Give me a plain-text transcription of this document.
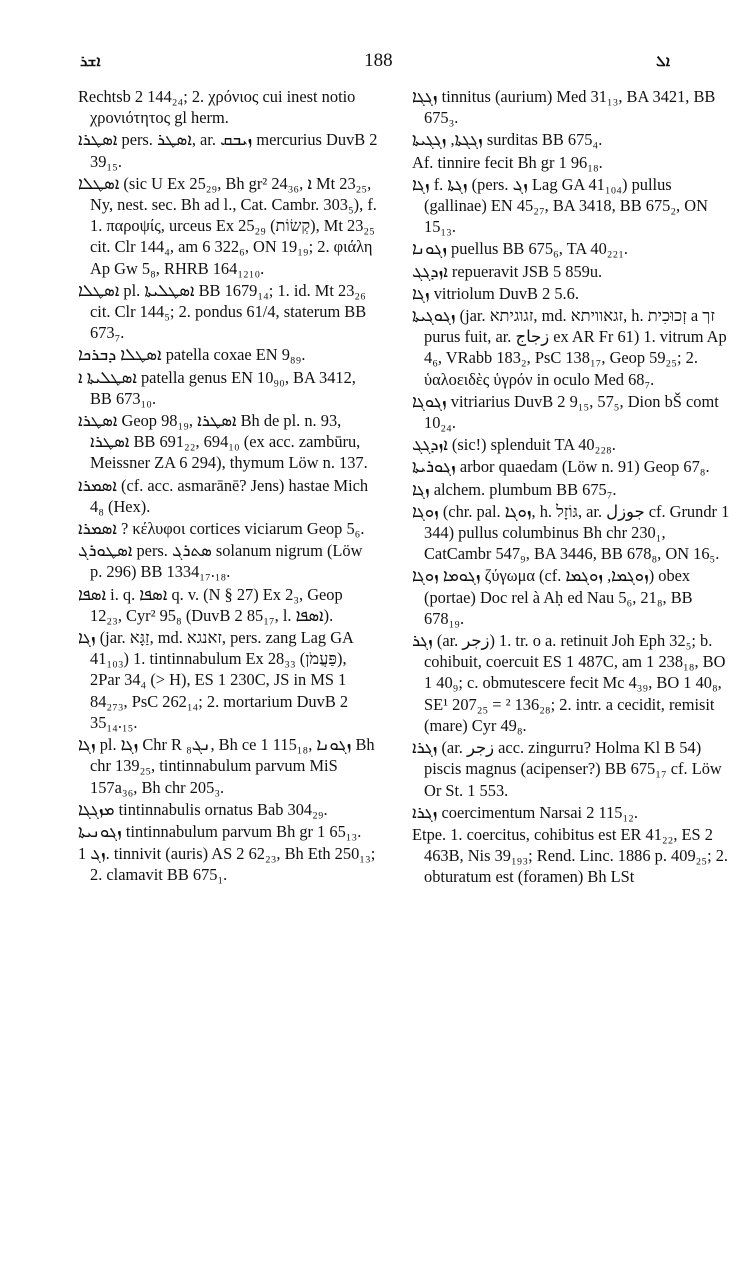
ܐܫܪ	188	ܐܠ

Rechtsb 2 144₂₄; 2. χρόνιος cui inest notio χρονιότητος gl herm.

ܐܣܛܪܐ pers. ܐܣܛܪ, ar. ܙܝܒܩ mercurius DuvB 2 39₁₅.

ܐܣܛܠܐ (sic U Ex 25₂₉, Bh gr² 24₃₆, ܐ Mt 23₂₅, Ny, nest. sec. Bh ad l., Cat. Cambr. 303₅), f. 1. παροψίς, urceus Ex 25₂₉ (קְשׂוֹת), Mt 23₂₅ cit. Clr 144₄, am 6 322₆, ON 19₁₉; 2. φιάλη Ap Gw 5₈, RHRB 164₁₂₁₀.

ܐܣܛܠܐ pl. ܐܣܛܠܝܬܐ BB 1679₁₄; 1. id. Mt 23₂₆ cit. Clr 144₅; 2. pondus 61/4, staterum BB 673₇.

ܐܣܛܠܐ ܕܒܪܟܐ patella coxae EN 9₈₉.

ܐܣܛܠܝܬܐ ܐ patella genus EN 10₉₀, BA 3412, BB 673₁₀.

ܐܣܛܪܐ Geop 98₁₉, ܐܣܛܪܐ Bh de pl. n. 93, ܐܣܛܪܐ BB 691₂₂, 694₁₀ (ex acc. zambūru, Meissner ZA 6 294), thymum Löw n. 137.

ܐܣܡܪܐ (cf. acc. asmarānē? Jens) hastae Mich 4₈ (Hex).

ܐܣܡܪܐ ? κέλυφοι cortices viciarum Geop 5₆.

ܐܣܛܘܪܓ pers. ܣܬܪܓ solanum nigrum (Löw p. 296) BB 1334₁₇.₁₈.

ܐܣܦܐ i. q. ܐܣܦܐ q. v. (N § 27) Ex 2₃, Geop 12₂₃, Cyr² 95₈ (DuvB 2 85₁₇, l. ܐܣܦܐ).

ܙܓܐ (jar. זַגָּא, md. זאנגא, pers. zang Lag GA 41₁₀₃) 1. tintinnabulum Ex 28₃₃ (פַּעֲמֹן), 2Par 34₄ (> H), ES 1 230C, JS in MS 1 84₂₇₃, PsC 262₁₄; 2. mortarium DuvB 2 35₁₄.₁₅.

ܙܓܐ pl. ܙܓܐ Chr R ܢܓ₈, Bh ce 1 115₁₈, ܙܓܘܢܐ Bh chr 139₂₅, tintinnabulum parvum MiS 157a₃₆, Bh chr 205₃.

ܡܙܓܓܐ tintinnabulis ornatus Bab 304₂₉.

ܙܓܘܢܝܬܐ tintinnabulum parvum Bh gr 1 65₁₃.

ܙܓ 1. tinnivit (auris) AS 2 62₂₃, Bh Eth 250₁₃; 2. clamavit BB 675₁.

ܙܓܓܐ tinnitus (aurium) Med 31₁₃, BA 3421, BB 675₃.

ܙܓܓܬܐ, ܙܓܓܝܬܐ surditas BB 675₄.

Af. tinnire fecit Bh gr 1 96₁₈.

ܙܓܐ f. ܙܓܬܐ (pers. ܙܓ Lag GA 41₁₀₄) pullus (gallinae) EN 45₂₇, BA 3418, BB 675₂, ON 15₁₃.

ܙܓܘܢܐ puellus BB 675₆, TA 40₂₂₁.

ܐܙܕܓܓ repueravit JSB 5 859u.

ܙܓܐ vitriolum DuvB 2 5.6.

ܙܓܘܓܝܬܐ (jar. זגוגיתא, md. זגאוויתא, h. זְכוּכִית a זך purus fuit, ar. زجاج ex AR Fr 61) 1. vitrum Ap 4₆, VRabb 183₂, PsC 138₁₇, Geop 59₂₅; 2. ὑαλοειδὲς ὑγρόν in oculo Med 68₇.

ܙܓܘܓܐ vitriarius DuvB 2 9₁₅, 57₅, Dion bŠ comt 10₂₄.

ܐܙܕܓܓ (sic!) splenduit TA 40₂₂₈.

ܙܓܘܪܝܬܐ arbor quaedam (Löw n. 91) Geop 67₈.

ܙܓܐ alchem. plumbum BB 675₇.

ܙܘܓܐ (chr. pal. ܙܘܓܐ, h. גּוֹזָל, ar. جوزل cf. Grundr 1 344) pullus columbinus Bh chr 230₁, CatCambr 547₉, BA 3446, BB 678₈, ON 16₅.

ܙܓܘܡܐ ܙܘܓܐ ζύγωμα (cf. ܙܘܓܡܐ, ܙܘܓܡܐ) obex (portae) Doc rel à Aḥ ed Nau 5₆, 21₈, BB 678₁₉.

ܙܓܪ (ar. زجر) 1. tr. o a. retinuit Joh Eph 32₅; b. cohibuit, coercuit ES 1 487C, am 1 238₁₈, BO 1 40₉; c. obmutescere fecit Mc 4₃₉, BO 1 40₈, SE¹ 207₂₅ = ² 136₂₈; 2. intr. a cecidit, remisit (mare) Cyr 49₈.

ܙܓܪܐ (ar. زجر acc. zingurru? Holma Kl B 54) piscis magnus (acipenser?) BB 675₁₇ cf. Löw Or St. 1 553.

ܙܓܪܐ coercimentum Narsai 2 115₁₂.

Etpe. 1. coercitus, cohibitus est ER 41₂₂, ES 2 463B, Nis 39₁₉₃; Rend. Linc. 1886 p. 409₂₅; 2. obturatum est (foramen) Bh LSt
